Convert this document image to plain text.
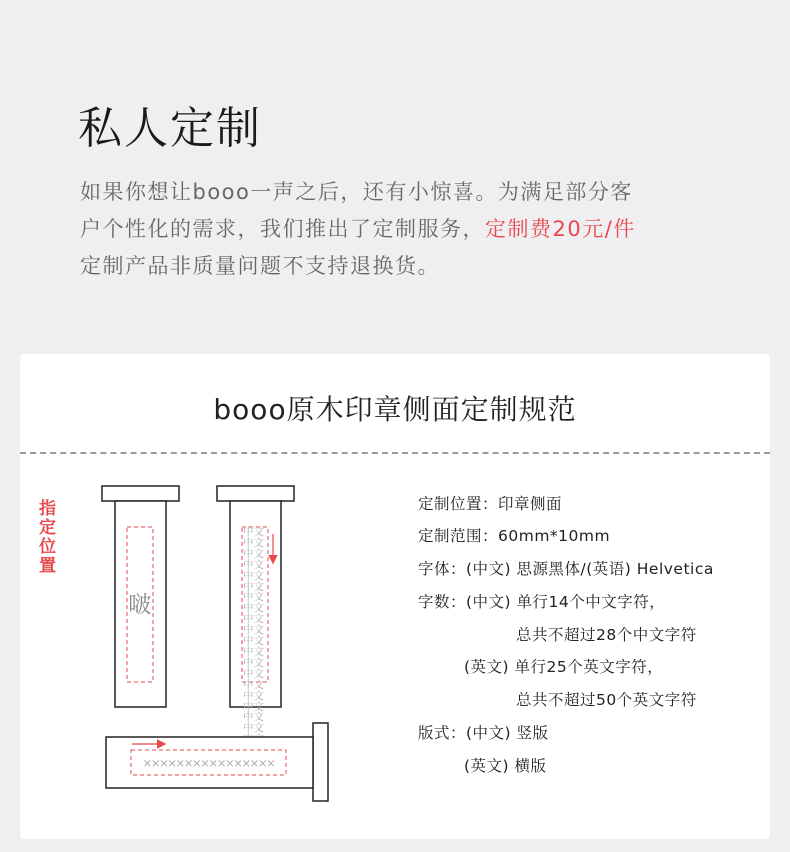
私人定制
如果你想让booo一声之后，还有小惊喜。为满足部分客
户个性化的需求，我们推出了定制服务，定制费20元/件
定制产品非质量问题不支持退换货。
booo原木印章侧面定制规范
指定位置
啵
中文中文中文中文中文中文中文中文中文中文中文中文中文中文中文中文中文中文中文
××××××××××××××××
定制位置：印章侧面
定制范围：60mm*10mm
字体：(中文) 思源黑体/(英语) Helvetica
字数：(中文) 单行14个中文字符，
总共不超过28个中文字符
(英文) 单行25个英文字符，
总共不超过50个英文字符
版式：(中文) 竖版
(英文) 横版
